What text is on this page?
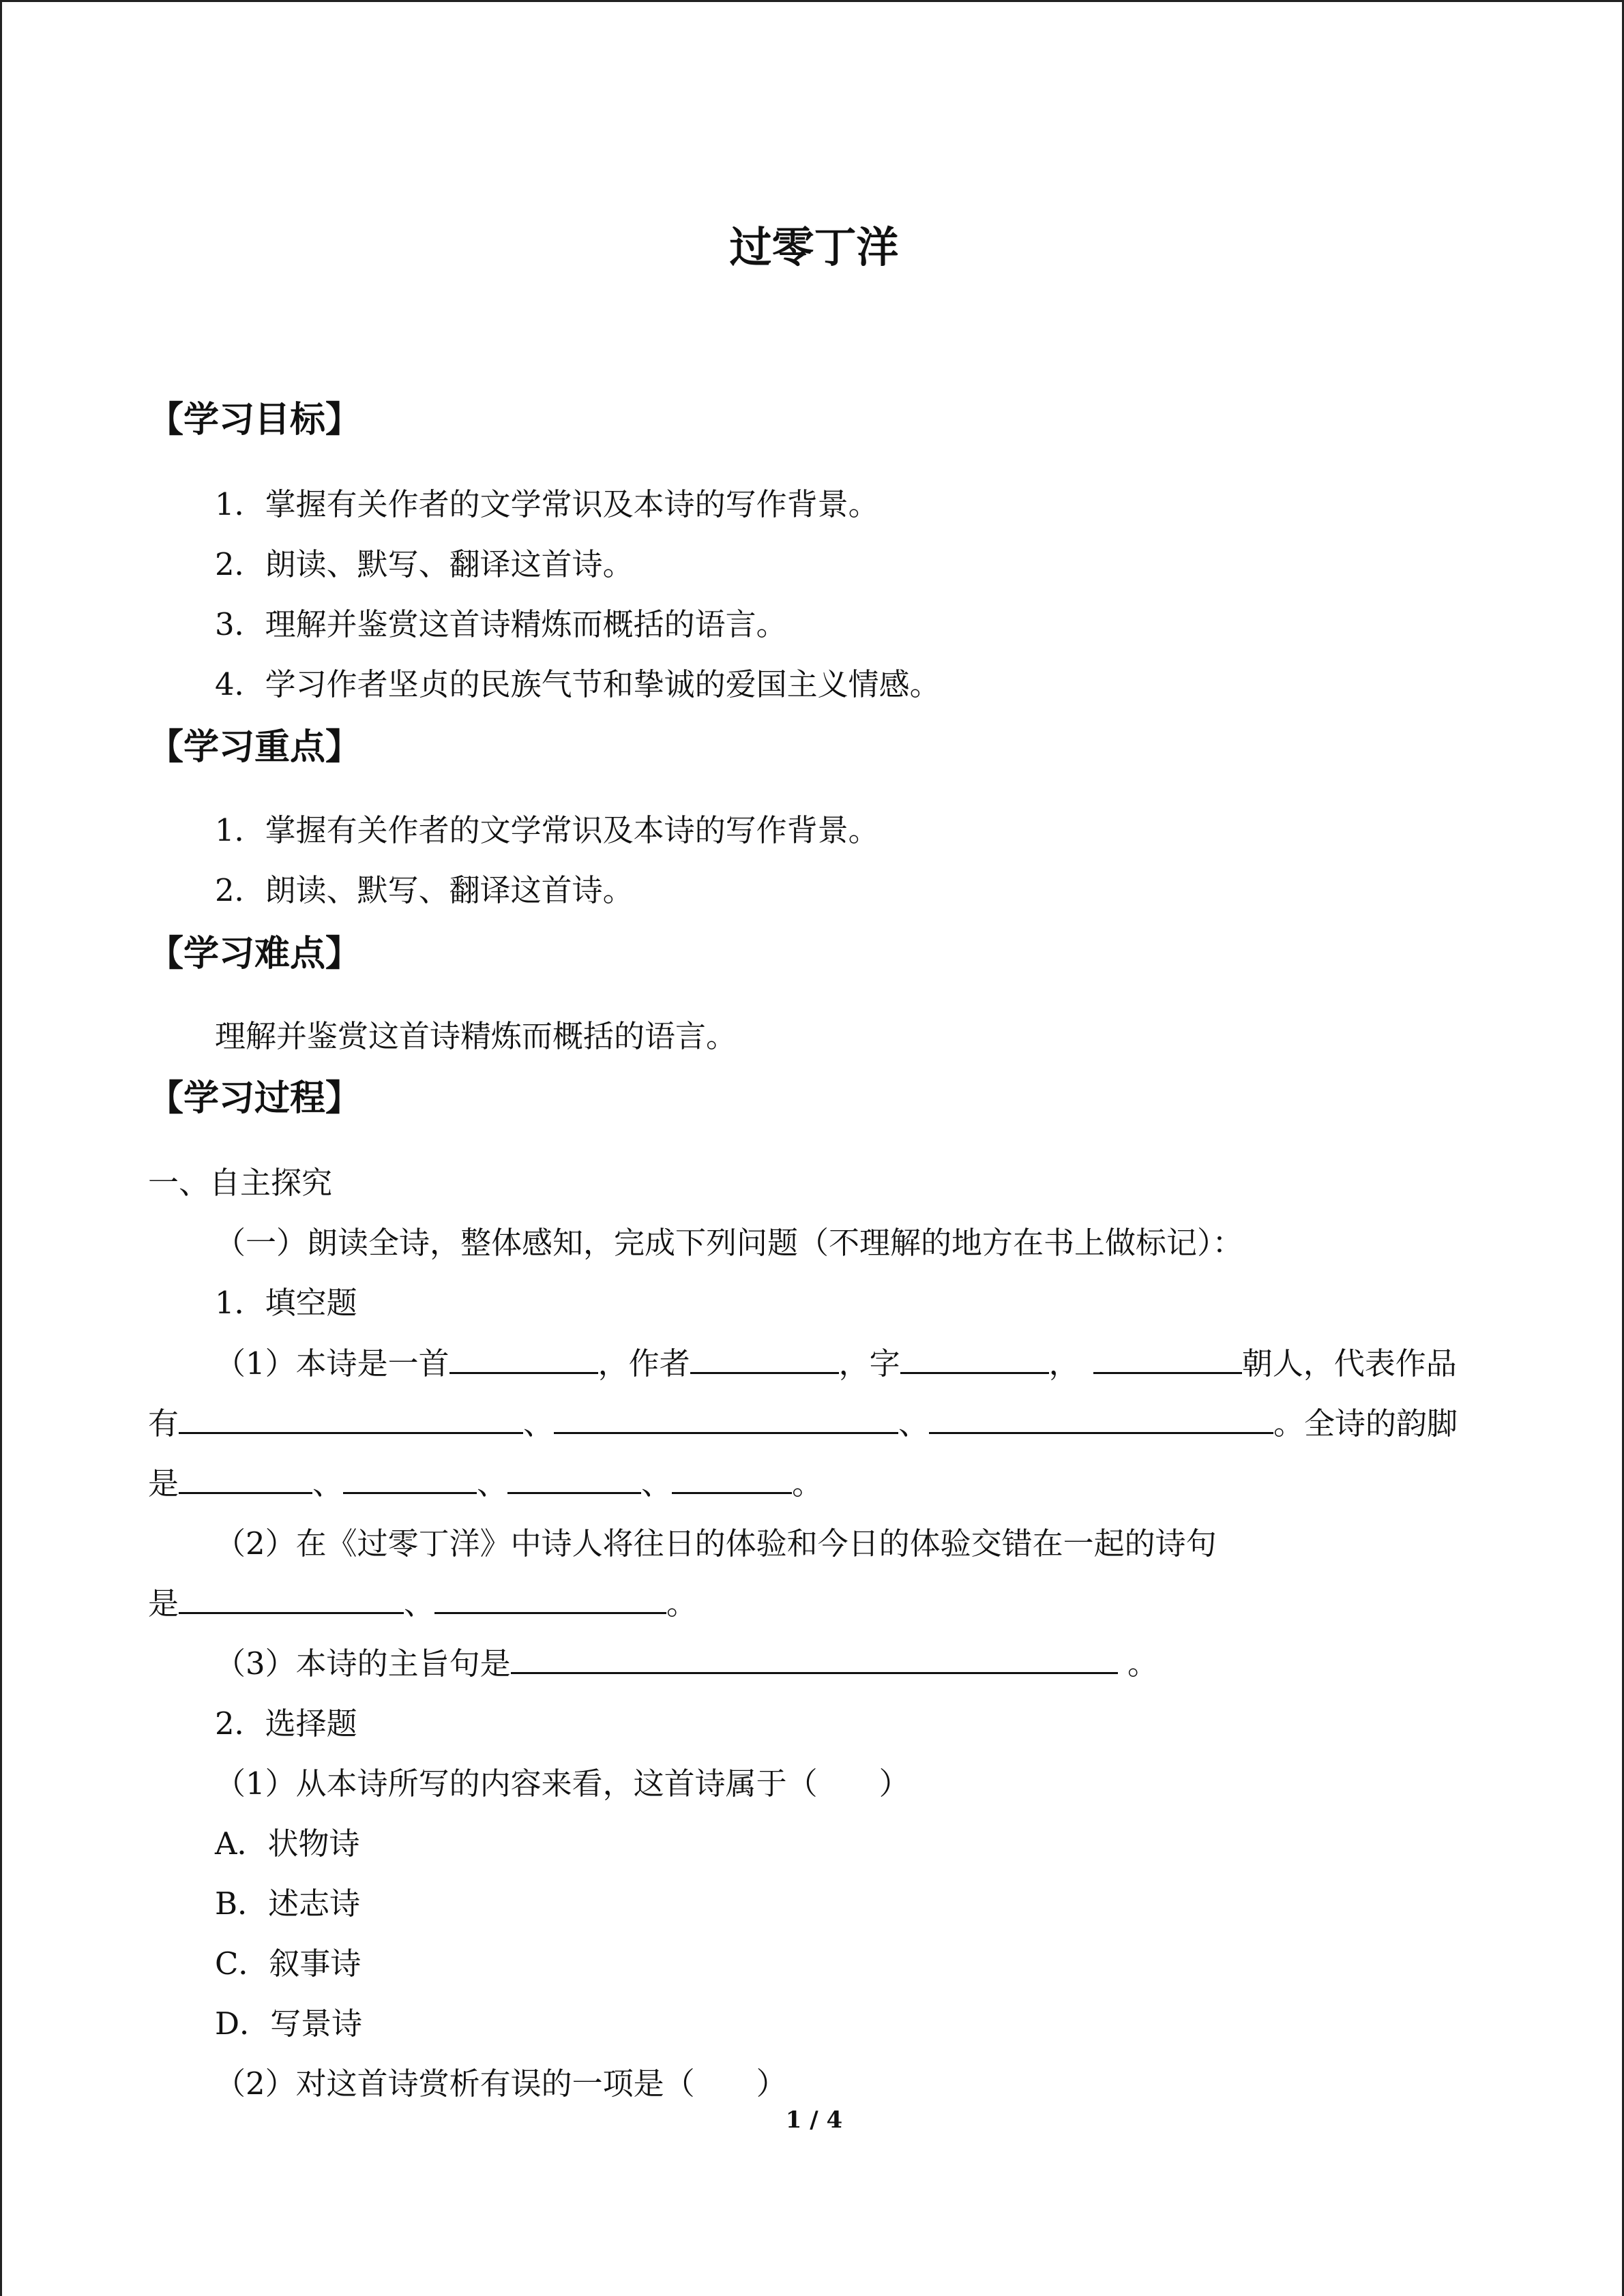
过零丁洋
【学习目标】
1．掌握有关作者的文学常识及本诗的写作背景。
2．朗读、默写、翻译这首诗。
3．理解并鉴赏这首诗精炼而概括的语言。
4．学习作者坚贞的民族气节和挚诚的爱国主义情感。
【学习重点】
1．掌握有关作者的文学常识及本诗的写作背景。
2．朗读、默写、翻译这首诗。
【学习难点】
理解并鉴赏这首诗精炼而概括的语言。
【学习过程】
一、自主探究
（一）朗读全诗，整体感知，完成下列问题（不理解的地方在书上做标记）：
1．填空题
（1）本诗是一首	，作者	，字	，	朝人，代表作品
有	、	、	。全诗的韵脚
是	、	、	、	。
（2）在《过零丁洋》中诗人将往日的体验和今日的体验交错在一起的诗句
是	、	。
（3）本诗的主旨句是	。
2．选择题
（1）从本诗所写的内容来看，这首诗属于（　　）
A．状物诗
B．述志诗
C．叙事诗
D．写景诗
（2）对这首诗赏析有误的一项是（　　）
1 / 4
